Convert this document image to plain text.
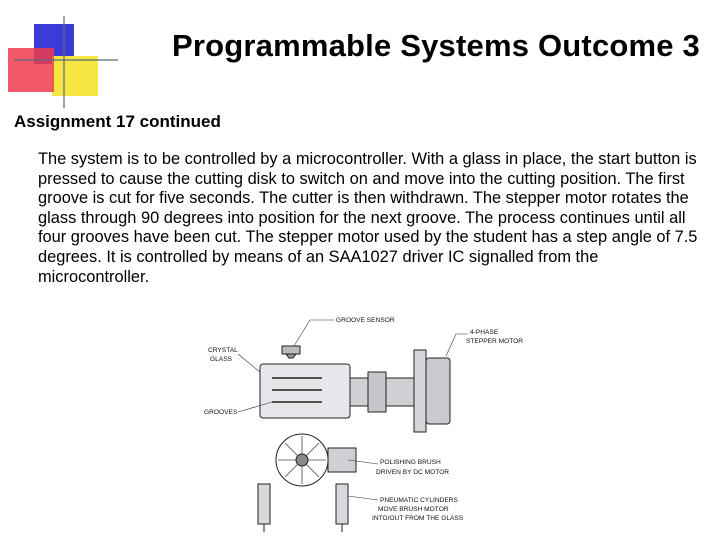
Programmable Systems Outcome 3
Assignment 17 continued

The system is to be controlled by a microcontroller. With a glass in place, the start button is pressed to cause the cutting disk to switch on and move into the cutting position. The first groove is cut for five seconds. The cutter is then withdrawn. The stepper motor rotates the glass through 90 degrees into position for the next groove. The process continues until all four grooves have been cut. The stepper motor used by the student has a step angle of 7.5 degrees. It is controlled by means of an SAA1027 driver IC signalled from the microcontroller.

GROOVE SENSOR
4-PHASE
STEPPER MOTOR
CRYSTAL
GLASS
GROOVES
POLISHING BRUSH
DRIVEN BY DC MOTOR
PNEUMATIC CYLINDERS
MOVE BRUSH MOTOR
INTO/OUT FROM THE GLASS
